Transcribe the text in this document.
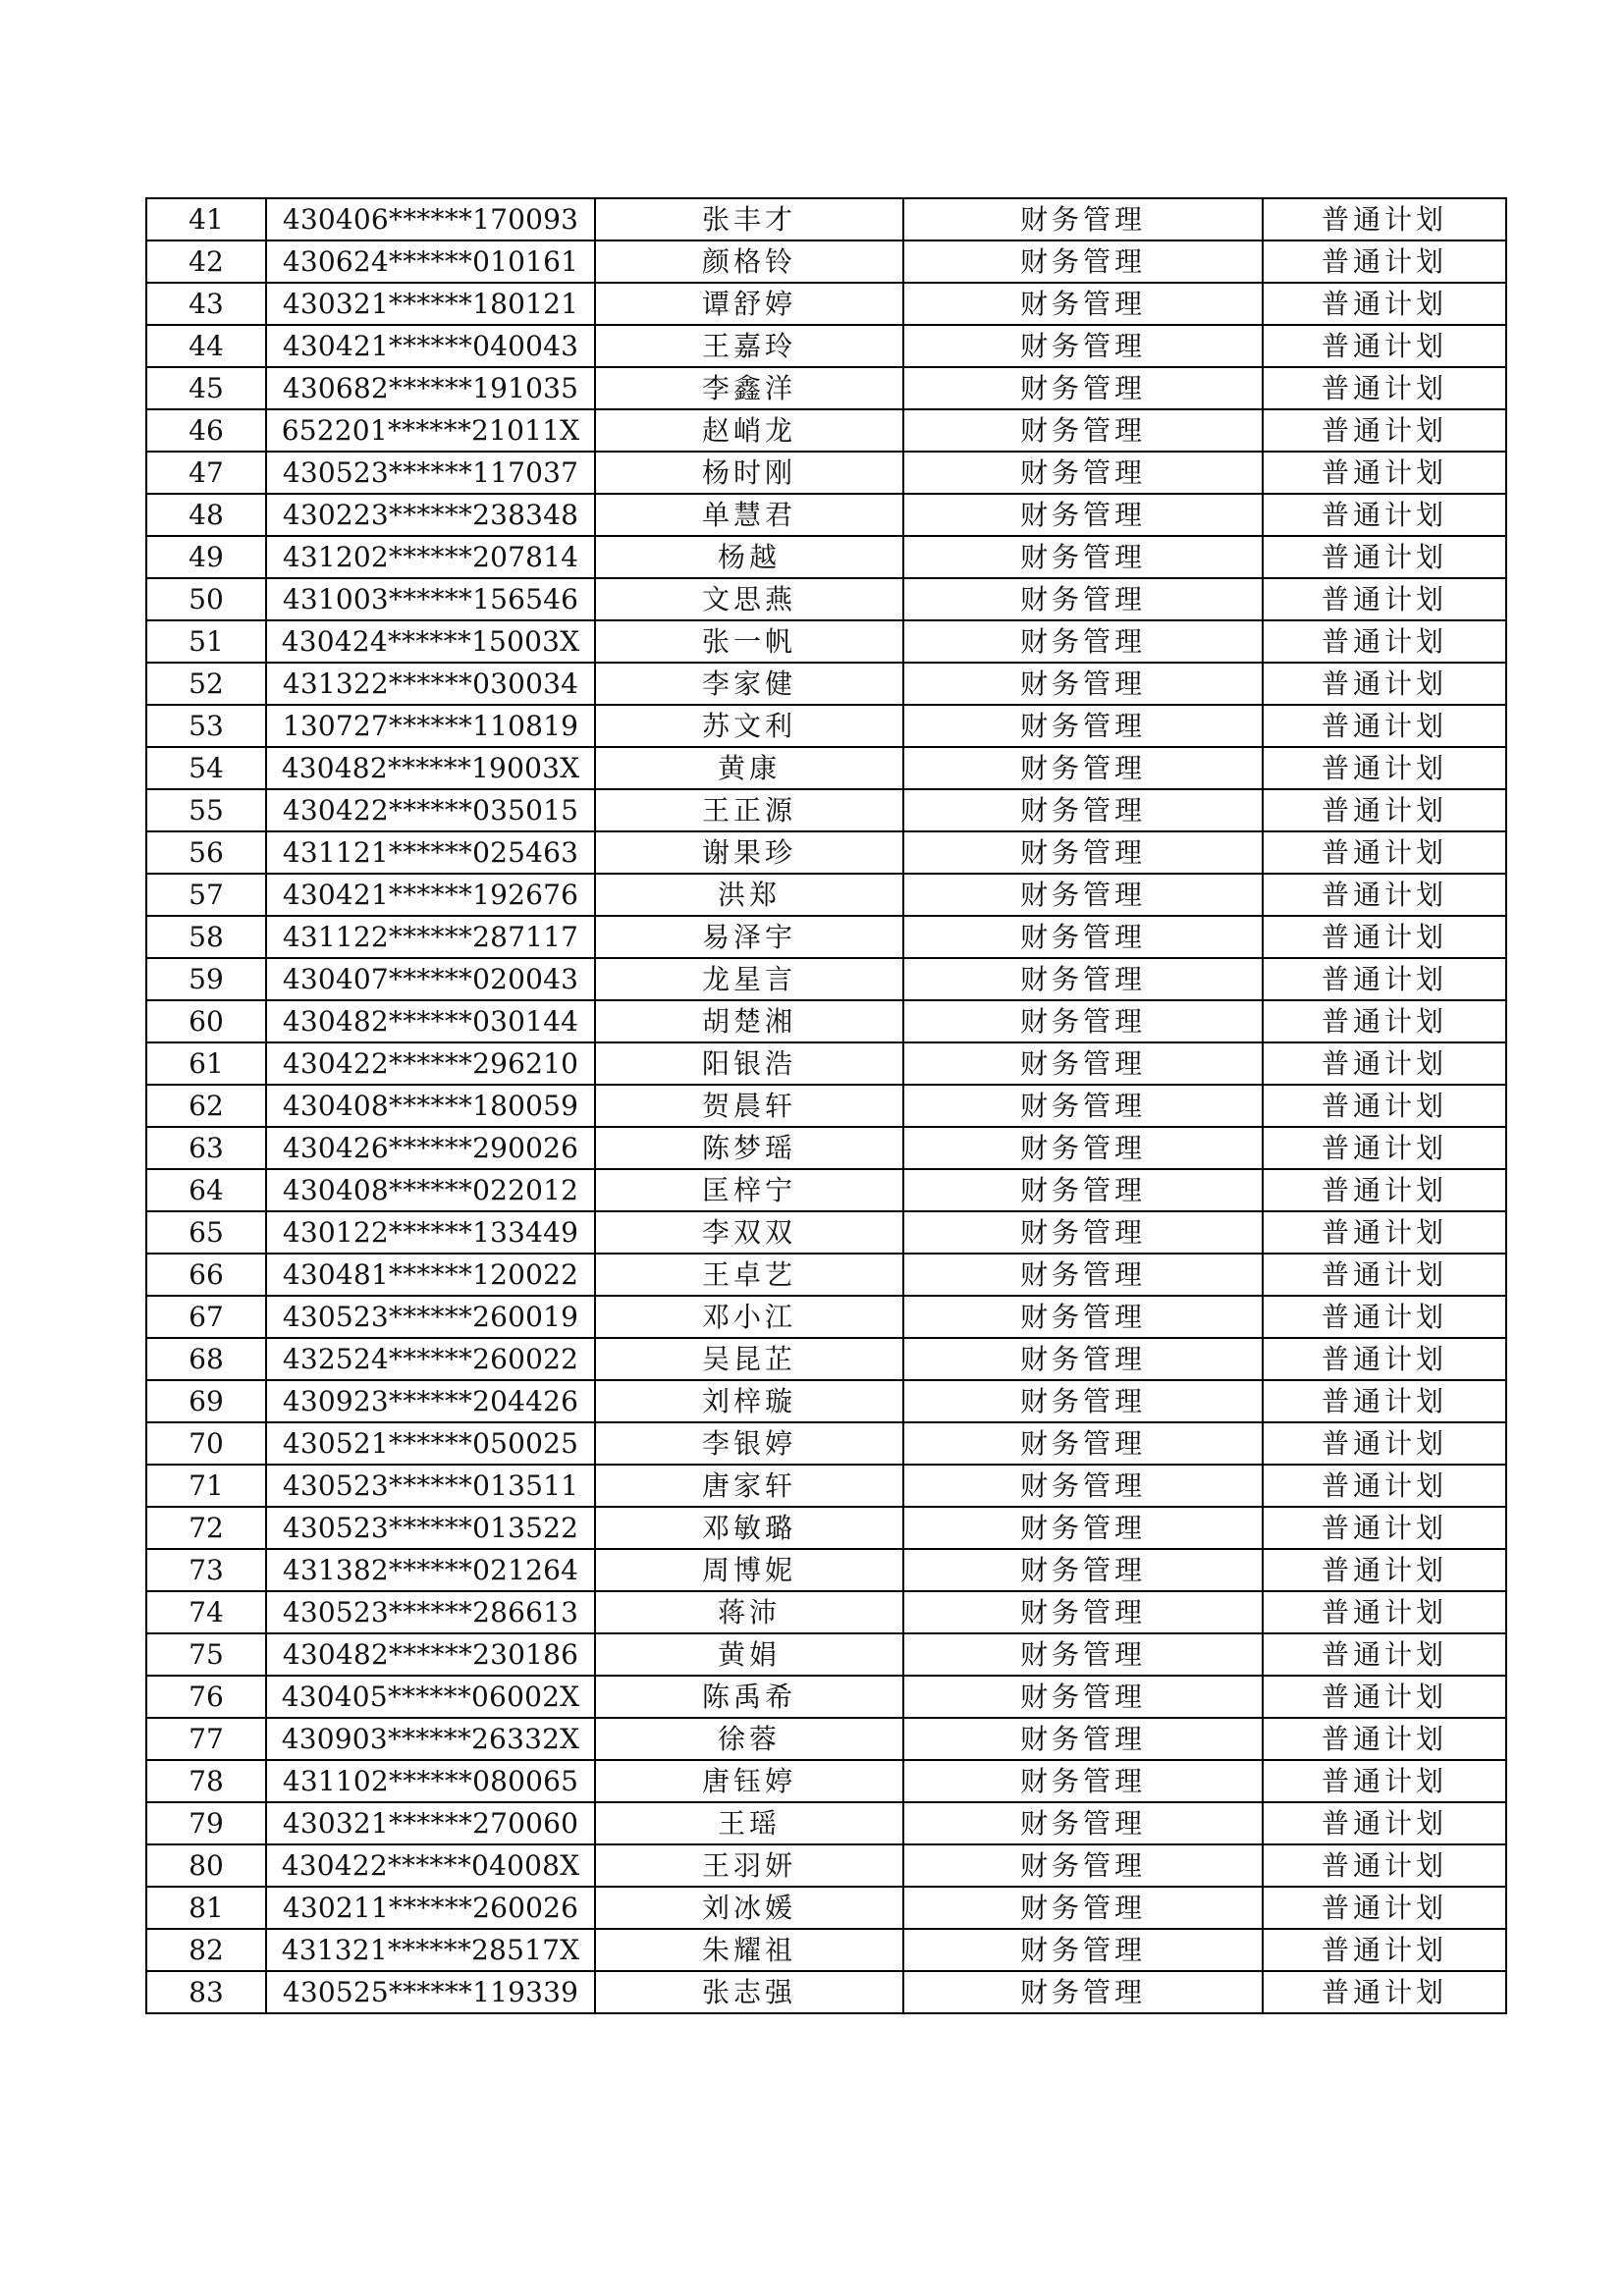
41	430406******170093	张丰才	财务管理	普通计划
42	430624******010161	颜格铃	财务管理	普通计划
43	430321******180121	谭舒婷	财务管理	普通计划
44	430421******040043	王嘉玲	财务管理	普通计划
45	430682******191035	李鑫洋	财务管理	普通计划
46	652201******21011X	赵峭龙	财务管理	普通计划
47	430523******117037	杨时刚	财务管理	普通计划
48	430223******238348	单慧君	财务管理	普通计划
49	431202******207814	杨越	财务管理	普通计划
50	431003******156546	文思燕	财务管理	普通计划
51	430424******15003X	张一帆	财务管理	普通计划
52	431322******030034	李家健	财务管理	普通计划
53	130727******110819	苏文利	财务管理	普通计划
54	430482******19003X	黄康	财务管理	普通计划
55	430422******035015	王正源	财务管理	普通计划
56	431121******025463	谢果珍	财务管理	普通计划
57	430421******192676	洪郑	财务管理	普通计划
58	431122******287117	易泽宇	财务管理	普通计划
59	430407******020043	龙星言	财务管理	普通计划
60	430482******030144	胡楚湘	财务管理	普通计划
61	430422******296210	阳银浩	财务管理	普通计划
62	430408******180059	贺晨轩	财务管理	普通计划
63	430426******290026	陈梦瑶	财务管理	普通计划
64	430408******022012	匡梓宁	财务管理	普通计划
65	430122******133449	李双双	财务管理	普通计划
66	430481******120022	王卓艺	财务管理	普通计划
67	430523******260019	邓小江	财务管理	普通计划
68	432524******260022	吴昆芷	财务管理	普通计划
69	430923******204426	刘梓璇	财务管理	普通计划
70	430521******050025	李银婷	财务管理	普通计划
71	430523******013511	唐家轩	财务管理	普通计划
72	430523******013522	邓敏璐	财务管理	普通计划
73	431382******021264	周博妮	财务管理	普通计划
74	430523******286613	蒋沛	财务管理	普通计划
75	430482******230186	黄娟	财务管理	普通计划
76	430405******06002X	陈禹希	财务管理	普通计划
77	430903******26332X	徐蓉	财务管理	普通计划
78	431102******080065	唐钰婷	财务管理	普通计划
79	430321******270060	王瑶	财务管理	普通计划
80	430422******04008X	王羽妍	财务管理	普通计划
81	430211******260026	刘冰媛	财务管理	普通计划
82	431321******28517X	朱耀祖	财务管理	普通计划
83	430525******119339	张志强	财务管理	普通计划
